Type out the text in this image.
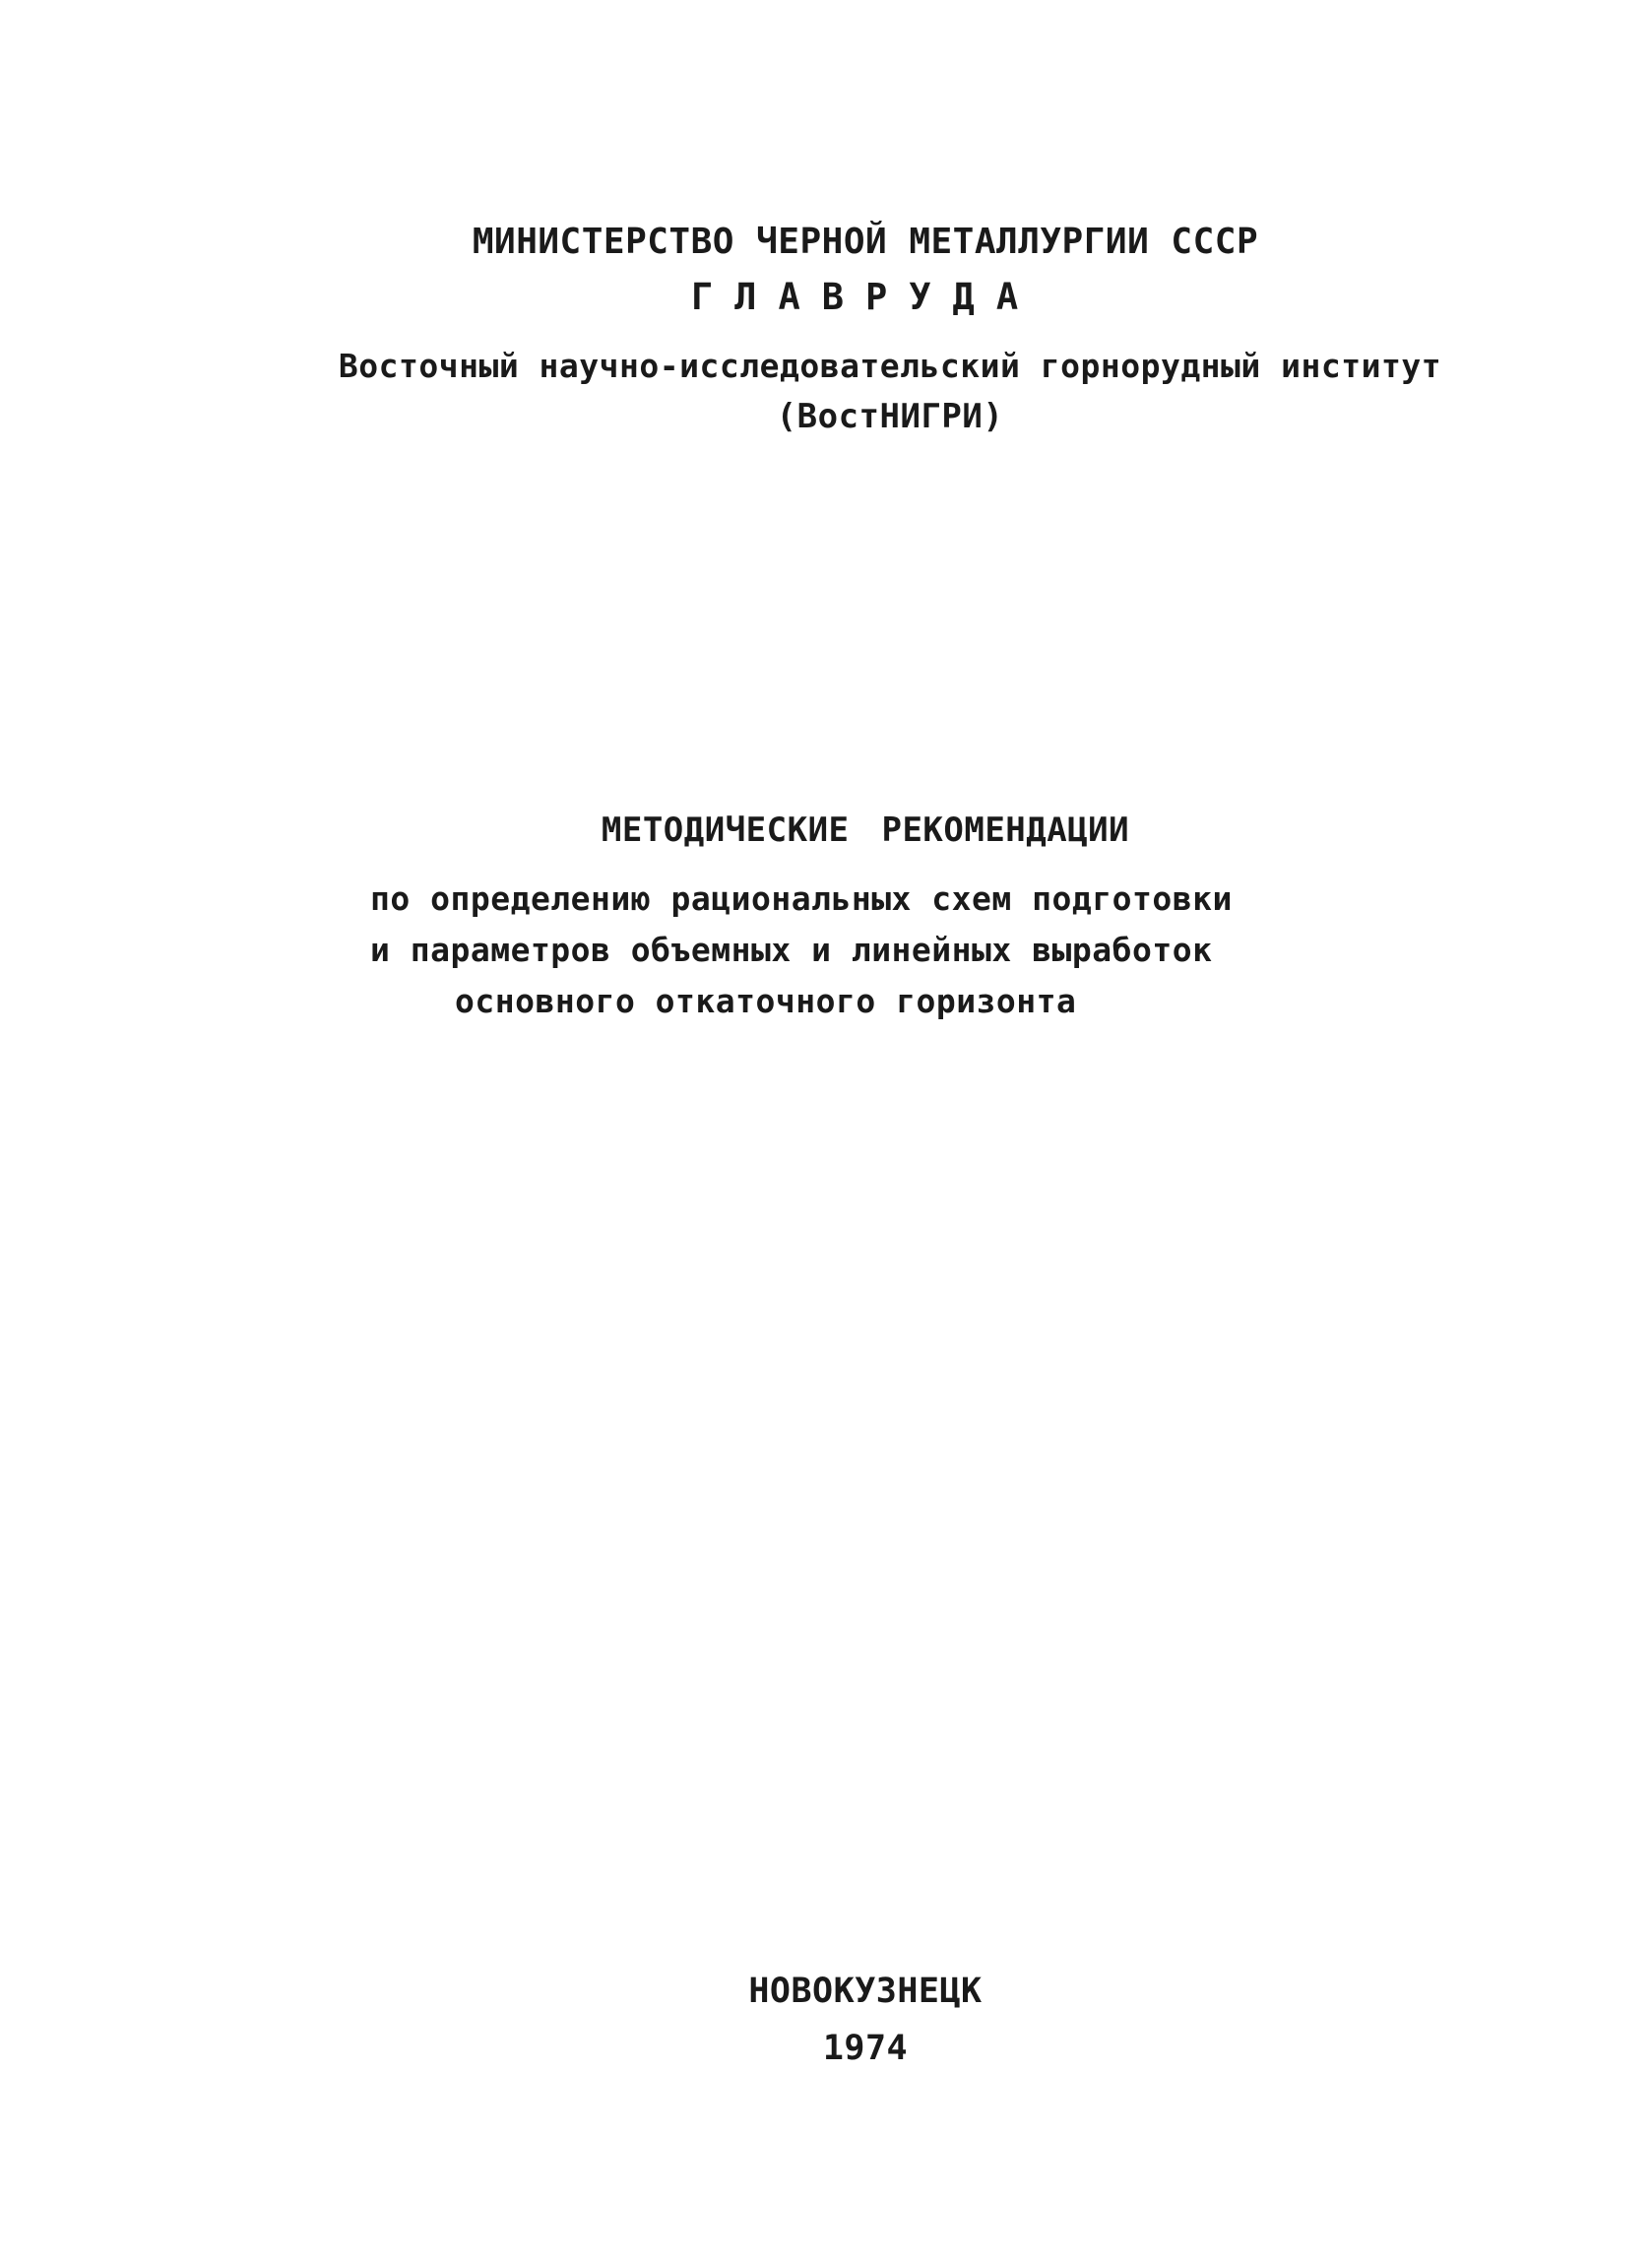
МИНИСТЕРСТВО ЧЕРНОЙ МЕТАЛЛУРГИИ СССР

ГЛАВРУДА

Восточный научно-исследовательский горнорудный институт

(ВостНИГРИ)

МЕТОДИЧЕСКИЕ РЕКОМЕНДАЦИИ

по определению рациональных схем подготовки

и параметров объемных и линейных выработок

основного откаточного горизонта

НОВОКУЗНЕЦК

1974
